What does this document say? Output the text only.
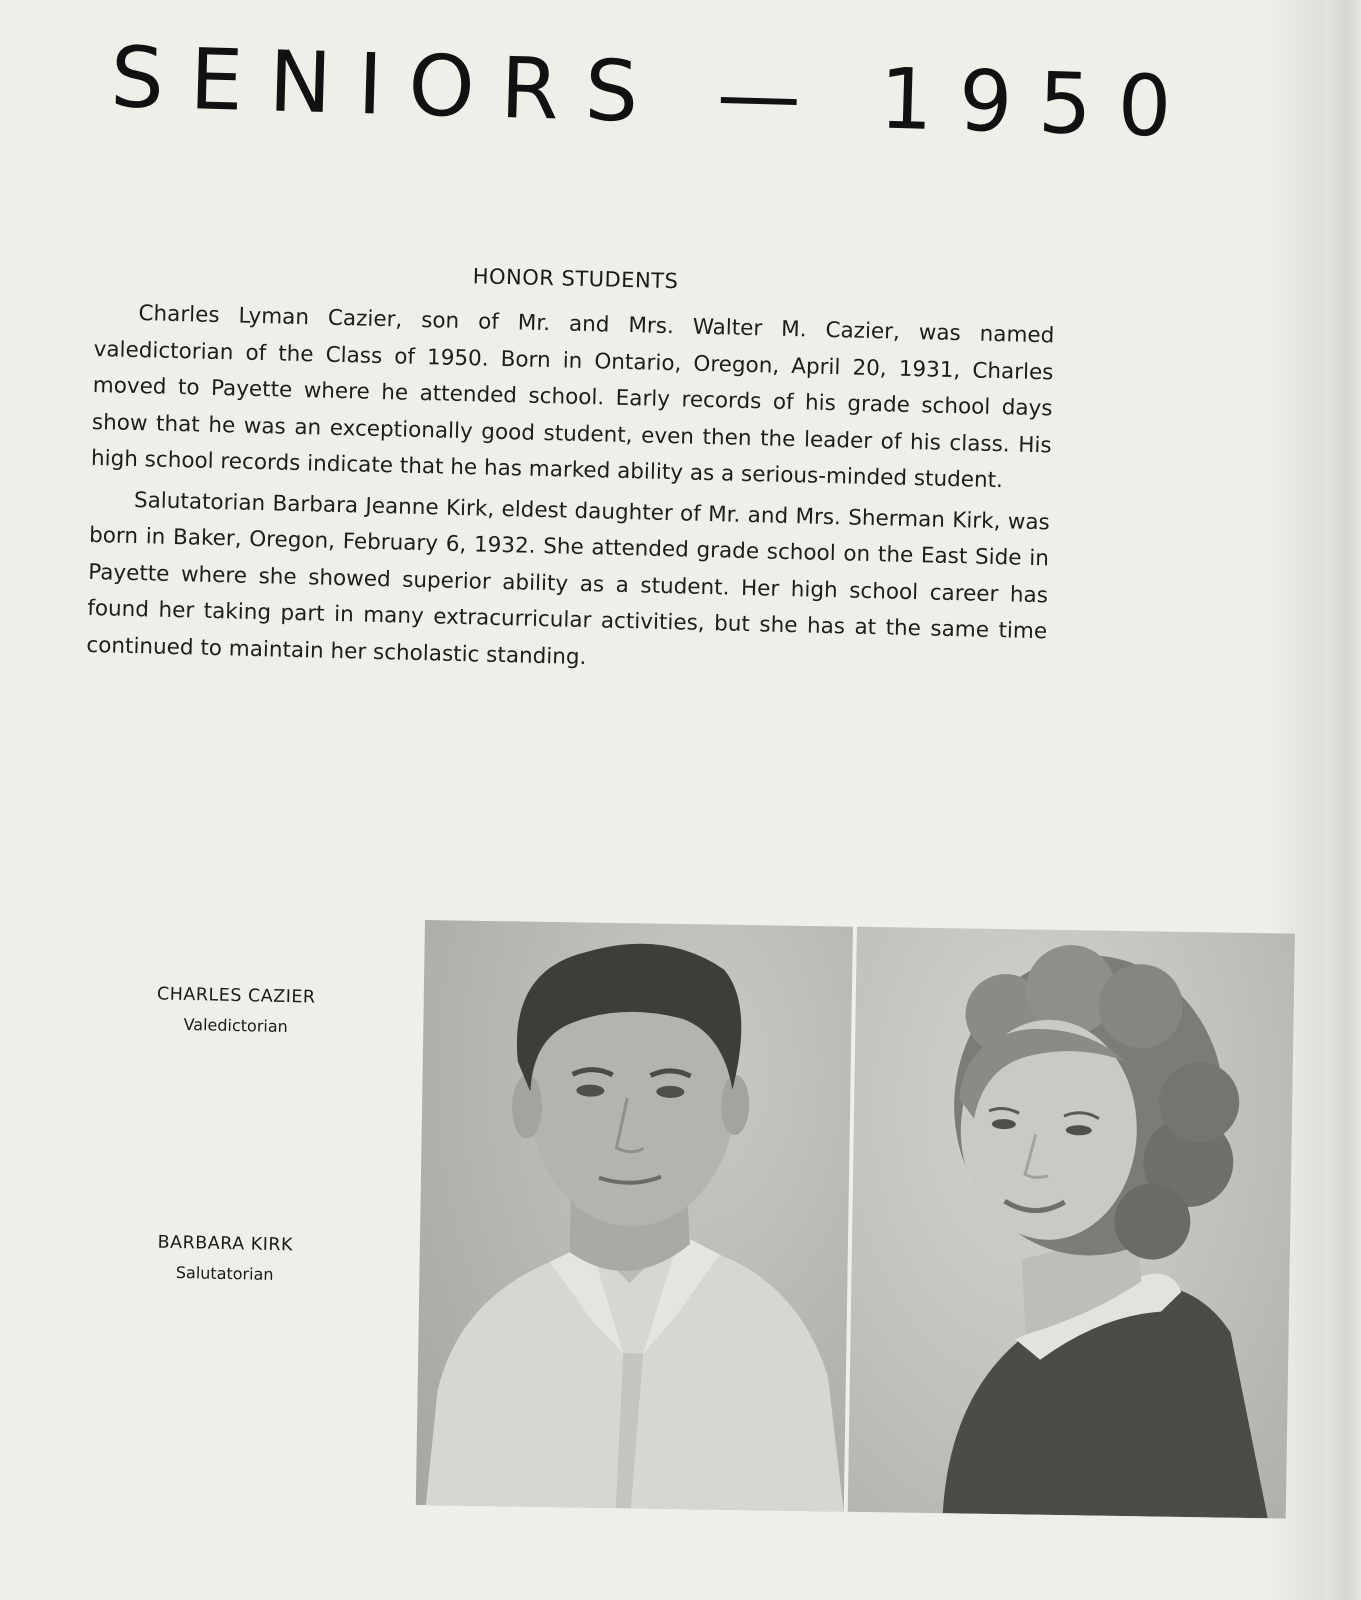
SENIORS — 1950
HONOR STUDENTS

Charles Lyman Cazier, son of Mr. and Mrs. Walter M. Cazier, was named valedictorian of the Class of 1950. Born in Ontario, Oregon, April 20, 1931, Charles moved to Payette where he attended school. Early records of his grade school days show that he was an exceptionally good student, even then the leader of his class. His high school records indicate that he has marked ability as a serious-minded student.

Salutatorian Barbara Jeanne Kirk, eldest daughter of Mr. and Mrs. Sherman Kirk, was born in Baker, Oregon, February 6, 1932. She attended grade school on the East Side in Payette where she showed superior ability as a student. Her high school career has found her taking part in many extracurricular activities, but she has at the same time continued to maintain her scholastic standing.

CHARLES CAZIER
Valedictorian
BARBARA KIRK
Salutatorian
